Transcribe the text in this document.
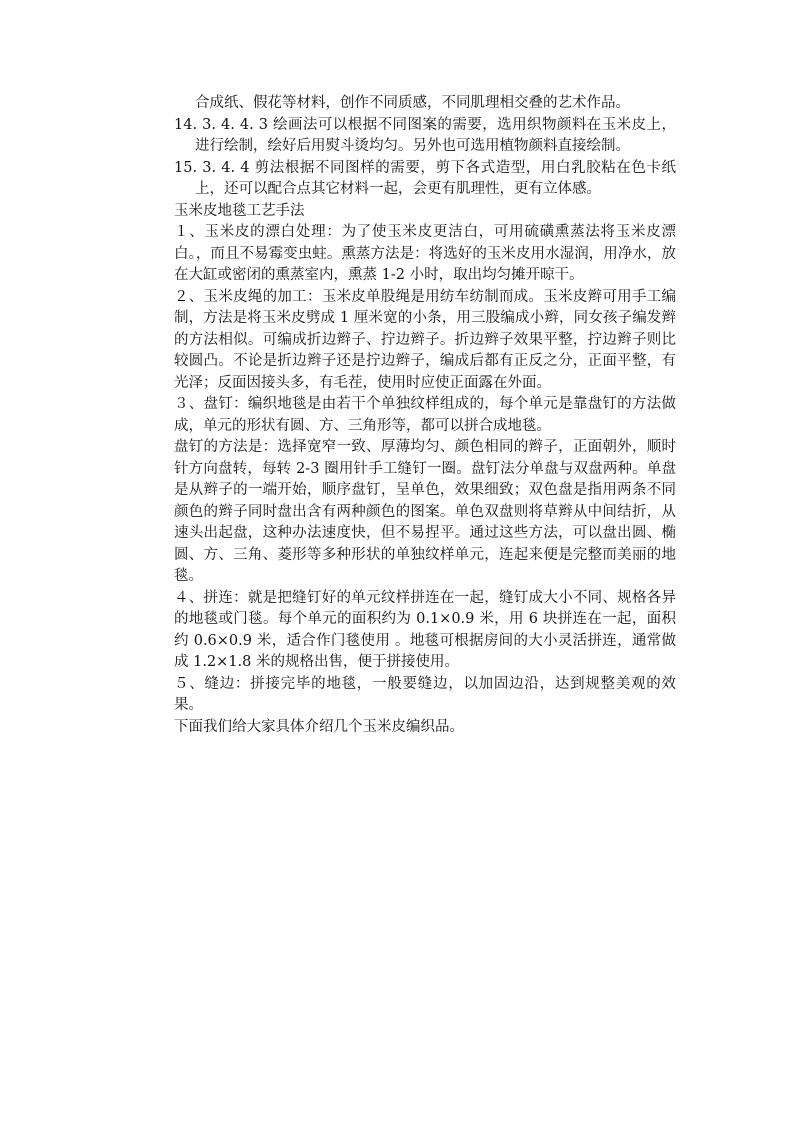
合成纸、假花等材料，创作不同质感，不同肌理相交叠的艺术作品。

14. 3. 4. 4. 3 绘画法可以根据不同图案的需要，选用织物颜料在玉米皮上，进行绘制，绘好后用熨斗烫均匀。另外也可选用植物颜料直接绘制。

15. 3. 4. 4 剪法根据不同图样的需要，剪下各式造型，用白乳胶粘在色卡纸上，还可以配合点其它材料一起，会更有肌理性，更有立体感。

玉米皮地毯工艺手法

１、玉米皮的漂白处理：为了使玉米皮更洁白，可用硫磺熏蒸法将玉米皮漂白。，而且不易霉变虫蛀。熏蒸方法是：将选好的玉米皮用水湿润，用净水，放在大缸或密闭的熏蒸室内，熏蒸 1-2 小时，取出均匀摊开晾干。

２、玉米皮绳的加工：玉米皮单股绳是用纺车纺制而成。玉米皮辫可用手工编制，方法是将玉米皮劈成 1 厘米宽的小条，用三股编成小辫，同女孩子编发辫的方法相似。可编成折边辫子、拧边辫子。折边辫子效果平整，拧边辫子则比较圆凸。不论是折边辫子还是拧边辫子，编成后都有正反之分，正面平整，有光泽；反面因接头多，有毛茬，使用时应使正面露在外面。

３、盘钉：编织地毯是由若干个单独纹样组成的，每个单元是靠盘钉的方法做成，单元的形状有圆、方、三角形等，都可以拼合成地毯。

盘钉的方法是：选择宽窄一致、厚薄均匀、颜色相同的辫子，正面朝外，顺时针方向盘转，每转 2-3 圈用针手工缝钉一圈。盘钉法分单盘与双盘两种。单盘是从辫子的一端开始，顺序盘钉，呈单色，效果细致；双色盘是指用两条不同颜色的辫子同时盘出含有两种颜色的图案。单色双盘则将草辫从中间结折，从速头出起盘，这种办法速度快，但不易捏平。通过这些方法，可以盘出圆、椭圆、方、三角、菱形等多种形状的单独纹样单元，连起来便是完整而美丽的地毯。

４、拼连：就是把缝钉好的单元纹样拼连在一起，缝钉成大小不同、规格各异的地毯或门毯。每个单元的面积约为 0.1×0.9 米，用 6 块拼连在一起，面积约 0.6×0.9 米，适合作门毯使用 。地毯可根据房间的大小灵活拼连，通常做成 1.2×1.8 米的规格出售，便于拼接使用。

５、缝边：拼接完毕的地毯，一般要缝边，以加固边沿，达到规整美观的效果。

下面我们给大家具体介绍几个玉米皮编织品。
